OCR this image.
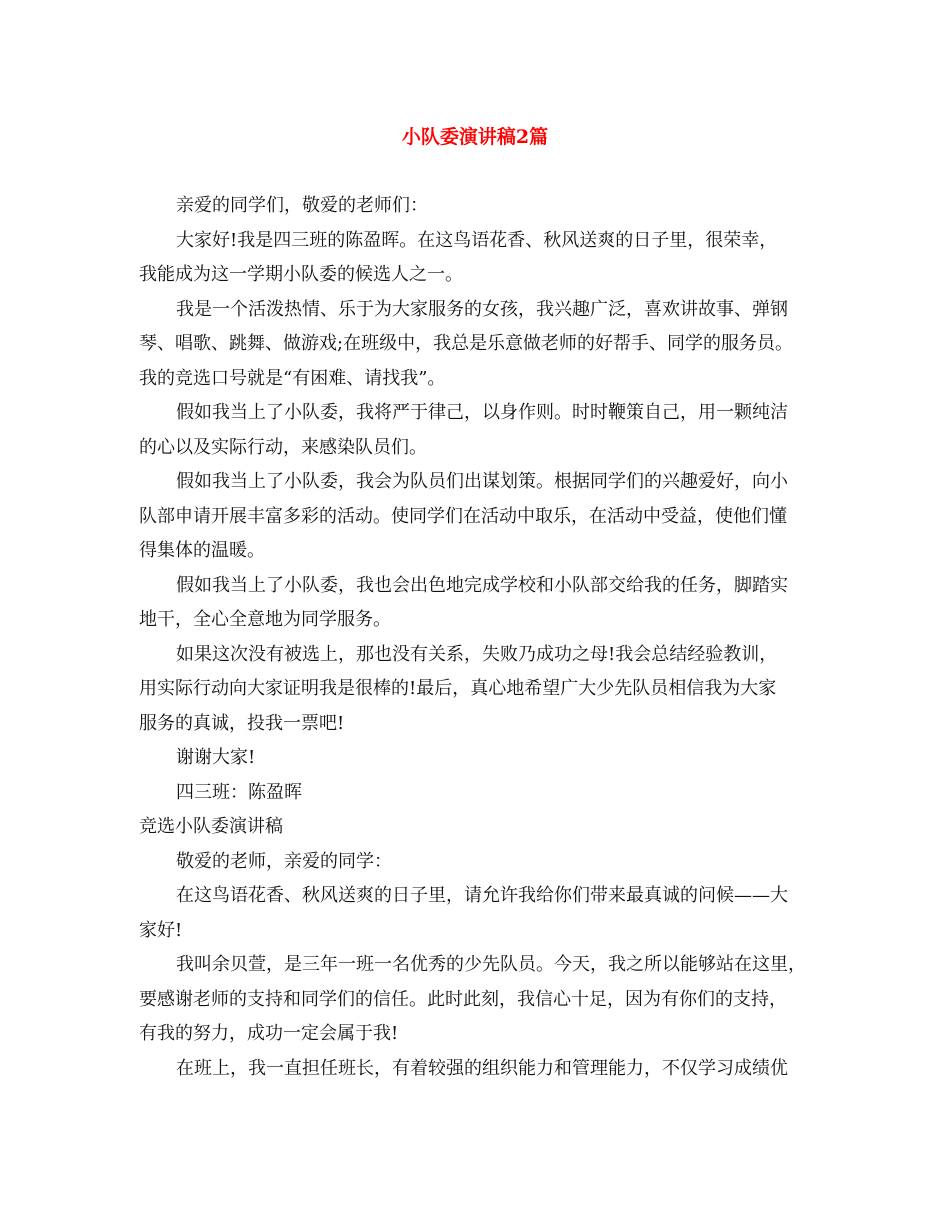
小队委演讲稿2篇
亲爱的同学们，敬爱的老师们：
大家好!我是四三班的陈盈晖。在这鸟语花香、秋风送爽的日子里，很荣幸，
我能成为这一学期小队委的候选人之一。
我是一个活泼热情、乐于为大家服务的女孩，我兴趣广泛，喜欢讲故事、弹钢
琴、唱歌、跳舞、做游戏;在班级中，我总是乐意做老师的好帮手、同学的服务员。
我的竞选口号就是“有困难、请找我”。
假如我当上了小队委，我将严于律己，以身作则。时时鞭策自己，用一颗纯洁
的心以及实际行动，来感染队员们。
假如我当上了小队委，我会为队员们出谋划策。根据同学们的兴趣爱好，向小
队部申请开展丰富多彩的活动。使同学们在活动中取乐，在活动中受益，使他们懂
得集体的温暖。
假如我当上了小队委，我也会出色地完成学校和小队部交给我的任务，脚踏实
地干，全心全意地为同学服务。
如果这次没有被选上，那也没有关系，失败乃成功之母!我会总结经验教训，
用实际行动向大家证明我是很棒的!最后，真心地希望广大少先队员相信我为大家
服务的真诚，投我一票吧!
谢谢大家!
四三班：陈盈晖
竞选小队委演讲稿
敬爱的老师，亲爱的同学：
在这鸟语花香、秋风送爽的日子里，请允许我给你们带来最真诚的问候——大
家好!
我叫余贝萱，是三年一班一名优秀的少先队员。今天，我之所以能够站在这里，
要感谢老师的支持和同学们的信任。此时此刻，我信心十足，因为有你们的支持，
有我的努力，成功一定会属于我!
在班上，我一直担任班长，有着较强的组织能力和管理能力，不仅学习成绩优
